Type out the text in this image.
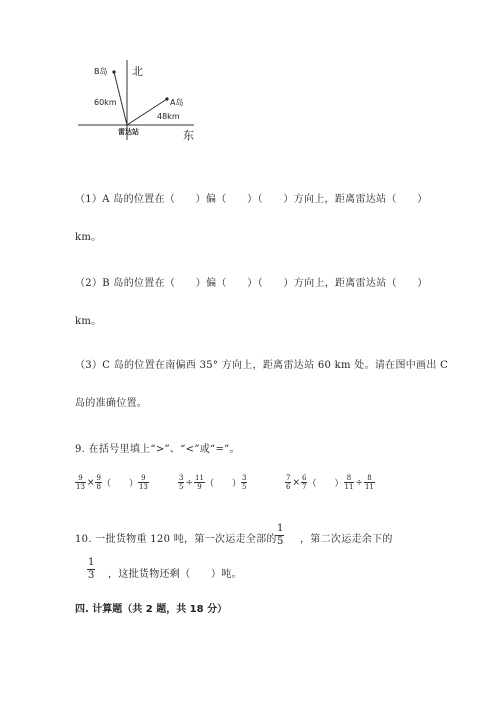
北
东
B岛
A岛
60km
48km
雷达站
（1）A 岛的位置在（　　）偏（　　）（　　）方向上，距离雷达站（　　）
km。
（2）B 岛的位置在（　　）偏（　　）（　　）方向上，距离雷达站（　　）
km。
（3）C 岛的位置在南偏西 35° 方向上，距离雷达站 60 km 处。请在图中画出 C
岛的准确位置。
9. 在括号里填上“>”、“<”或“=”。
$\frac{9}{13} \times \frac{9}{8}$ （　　） $\frac{9}{13}$	$\frac{3}{5} \div \frac{11}{9}$ （　　） $\frac{3}{5}$	$\frac{7}{6} \times \frac{6}{7}$ （　　） $\frac{8}{11} \div \frac{8}{11}$
10. 一批货物重 120 吨，第一次运走全部的 $\frac{1}{5}$ ，第二次运走余下的
$\frac{1}{3}$ ，这批货物还剩（　　）吨。
四. 计算题（共 2 题，共 18 分）
